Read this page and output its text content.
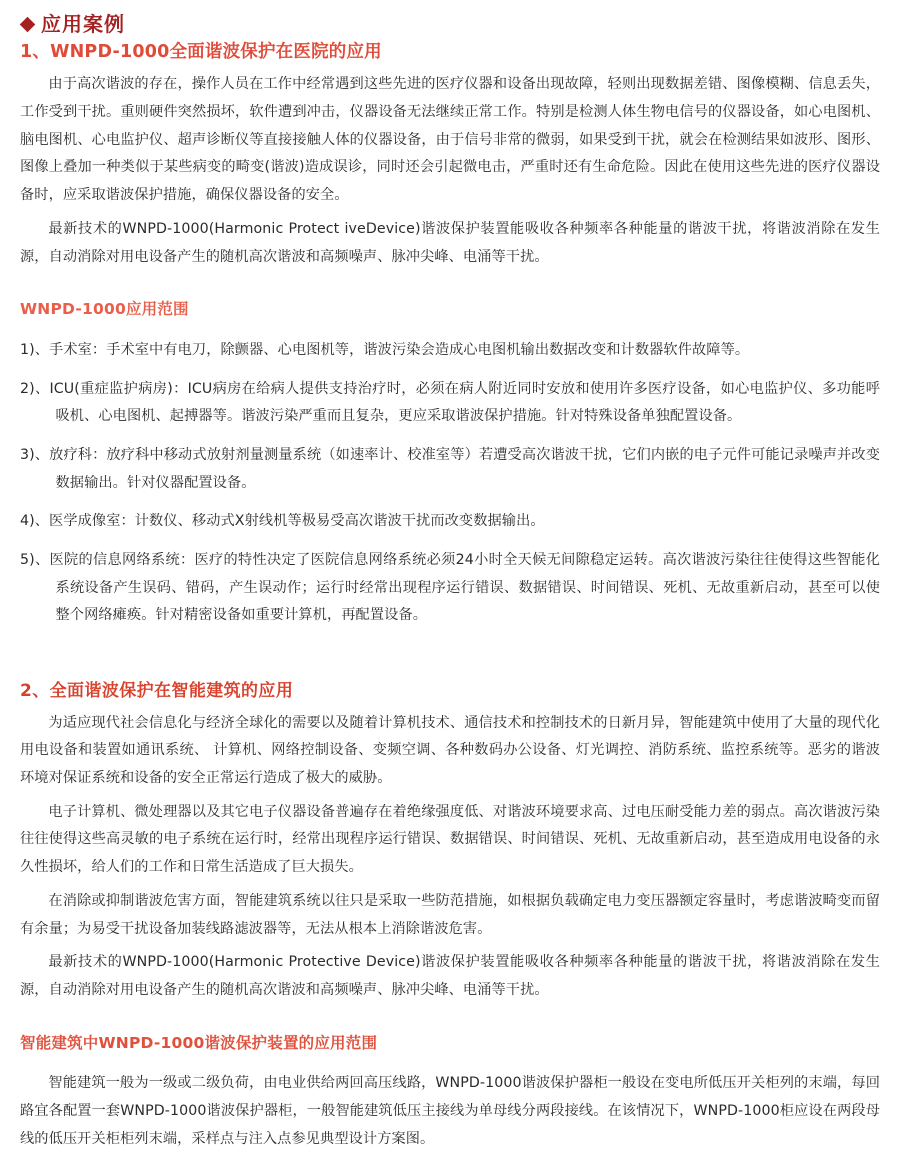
应用案例
1、WNPD-1000全面谐波保护在医院的应用

由于高次谐波的存在，操作人员在工作中经常遇到这些先进的医疗仪器和设备出现故障，轻则出现数据差错、图像模糊、信息丢失，工作受到干扰。重则硬件突然损坏，软件遭到冲击，仪器设备无法继续正常工作。特别是检测人体生物电信号的仪器设备，如心电图机、脑电图机、心电监护仪、超声诊断仪等直接接触人体的仪器设备，由于信号非常的微弱，如果受到干扰，就会在检测结果如波形、图形、图像上叠加一种类似于某些病变的畸变(谐波)造成误诊，同时还会引起微电击，严重时还有生命危险。因此在使用这些先进的医疗仪器设备时，应采取谐波保护措施，确保仪器设备的安全。

最新技术的WNPD-1000(Harmonic Protect iveDevice)谐波保护装置能吸收各种频率各种能量的谐波干扰，将谐波消除在发生源，自动消除对用电设备产生的随机高次谐波和高频噪声、脉冲尖峰、电涌等干扰。

WNPD-1000应用范围
1)、手术室：手术室中有电刀，除颤器、心电图机等，谐波污染会造成心电图机输出数据改变和计数器软件故障等。
2)、ICU(重症监护病房)：ICU病房在给病人提供支持治疗时，必须在病人附近同时安放和使用许多医疗设备，如心电监护仪、多功能呼吸机、心电图机、起搏器等。谐波污染严重而且复杂，更应采取谐波保护措施。针对特殊设备单独配置设备。
3)、放疗科：放疗科中移动式放射剂量测量系统（如速率计、校准室等）若遭受高次谐波干扰，它们内嵌的电子元件可能记录噪声并改变数据输出。针对仪器配置设备。
4)、医学成像室：计数仪、移动式X射线机等极易受高次谐波干扰而改变数据输出。
5)、医院的信息网络系统：医疗的特性决定了医院信息网络系统必须24小时全天候无间隙稳定运转。高次谐波污染往往使得这些智能化系统设备产生误码、错码，产生误动作；运行时经常出现程序运行错误、数据错误、时间错误、死机、无故重新启动，甚至可以使整个网络瘫痪。针对精密设备如重要计算机，再配置设备。
2、全面谐波保护在智能建筑的应用

为适应现代社会信息化与经济全球化的需要以及随着计算机技术、通信技术和控制技术的日新月异，智能建筑中使用了大量的现代化用电设备和装置如通讯系统、 计算机、网络控制设备、变频空调、各种数码办公设备、灯光调控、消防系统、监控系统等。恶劣的谐波环境对保证系统和设备的安全正常运行造成了极大的威胁。

电子计算机、微处理器以及其它电子仪器设备普遍存在着绝缘强度低、对谐波环境要求高、过电压耐受能力差的弱点。高次谐波污染往往使得这些高灵敏的电子系统在运行时，经常出现程序运行错误、数据错误、时间错误、死机、无故重新启动，甚至造成用电设备的永久性损坏，给人们的工作和日常生活造成了巨大损失。

在消除或抑制谐波危害方面，智能建筑系统以往只是采取一些防范措施，如根据负载确定电力变压器额定容量时，考虑谐波畸变而留有余量；为易受干扰设备加装线路滤波器等，无法从根本上消除谐波危害。

最新技术的WNPD-1000(Harmonic Protective Device)谐波保护装置能吸收各种频率各种能量的谐波干扰，将谐波消除在发生源，自动消除对用电设备产生的随机高次谐波和高频噪声、脉冲尖峰、电涌等干扰。

智能建筑中WNPD-1000谐波保护装置的应用范围

智能建筑一般为一级或二级负荷，由电业供给两回高压线路，WNPD-1000谐波保护器柜一般设在变电所低压开关柜列的末端，每回路宜各配置一套WNPD-1000谐波保护器柜，一般智能建筑低压主接线为单母线分两段接线。在该情况下，WNPD-1000柜应设在两段母线的低压开关柜柜列末端，采样点与注入点参见典型设计方案图。
